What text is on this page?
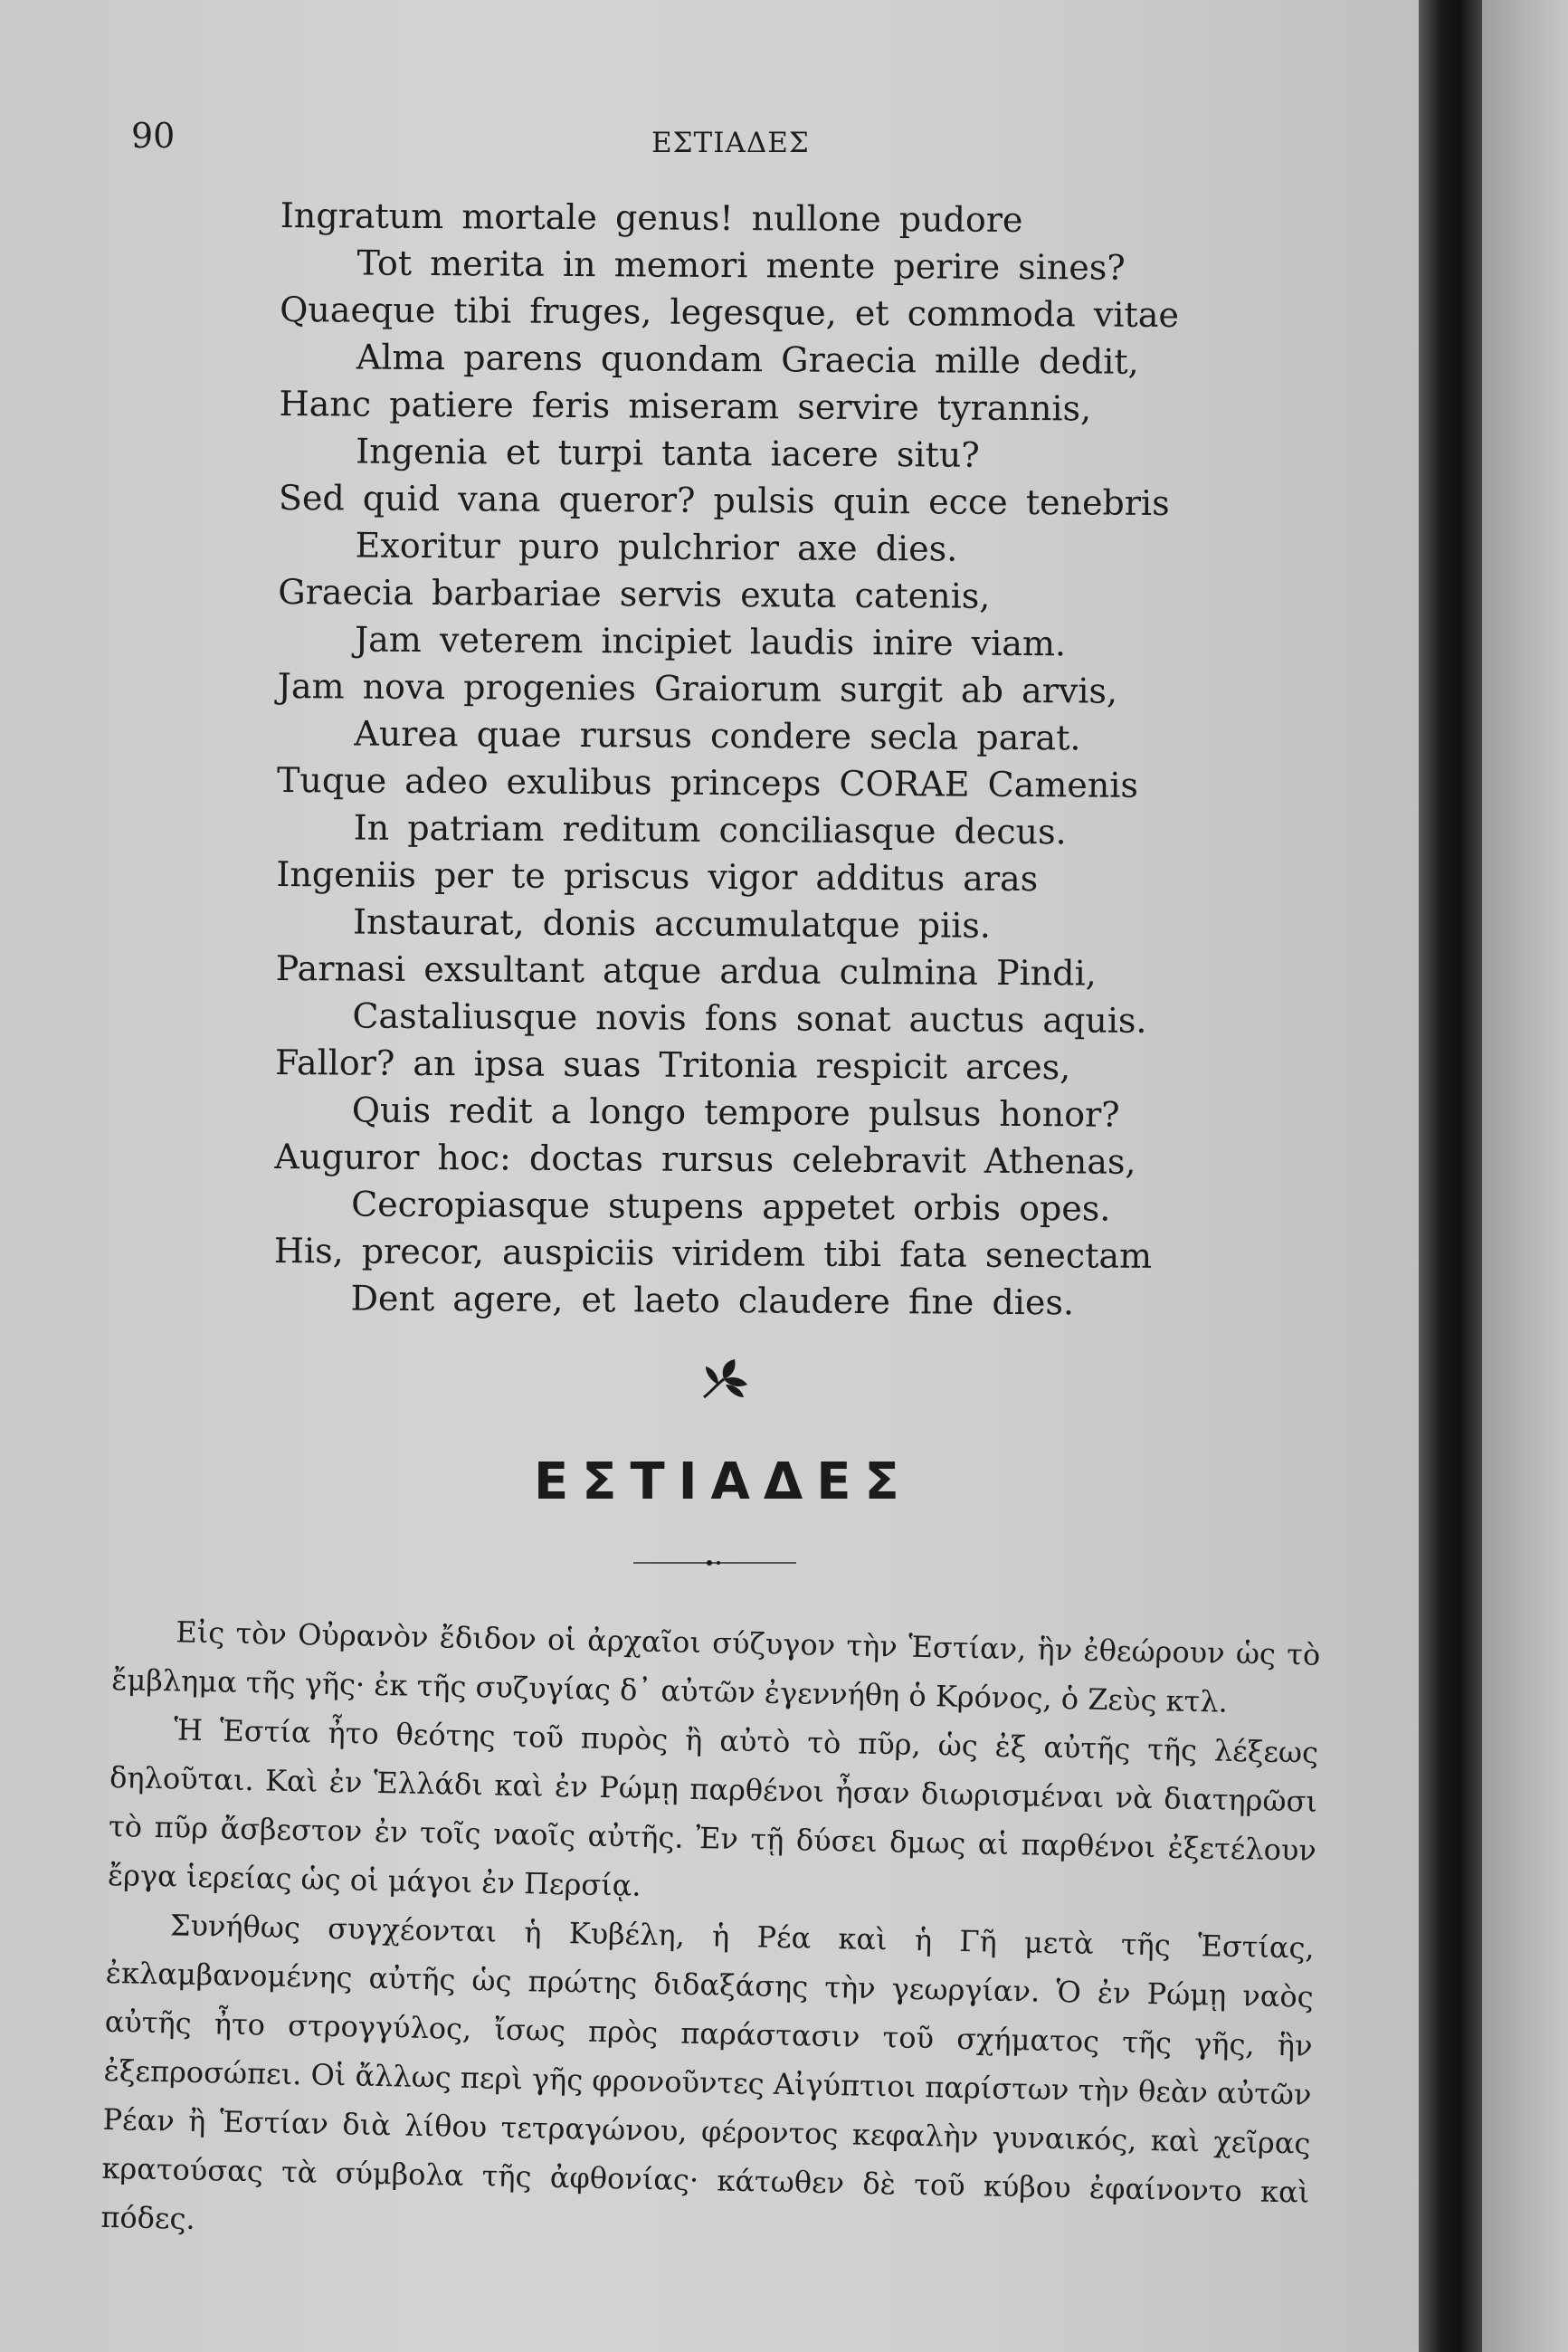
90	ΕΣΤΙΑΔΕΣ
Ingratum mortale genus! nullone pudore
Tot merita in memori mente perire sines?
Quaeque tibi fruges, legesque, et commoda vitae
Alma parens quondam Graecia mille dedit,
Hanc patiere feris miseram servire tyrannis,
Ingenia et turpi tanta iacere situ?
Sed quid vana queror? pulsis quin ecce tenebris
Exoritur puro pulchrior axe dies.
Graecia barbariae servis exuta catenis,
Jam veterem incipiet laudis inire viam.
Jam nova progenies Graiorum surgit ab arvis,
Aurea quae rursus condere secla parat.
Tuque adeo exulibus princeps CORAE Camenis
In patriam reditum conciliasque decus.
Ingeniis per te priscus vigor additus aras
Instaurat, donis accumulatque piis.
Parnasi exsultant atque ardua culmina Pindi,
Castaliusque novis fons sonat auctus aquis.
Fallor? an ipsa suas Tritonia respicit arces,
Quis redit a longo tempore pulsus honor?
Auguror hoc: doctas rursus celebravit Athenas,
Cecropiasque stupens appetet orbis opes.
His, precor, auspiciis viridem tibi fata senectam
Dent agere, et laeto claudere fine dies.
ΕΣΤΙΑΔΕΣ

Εἰς τὸν Οὐρανὸν ἔδιδον οἱ ἀρχαῖοι σύζυγον τὴν Ἑστίαν, ἣν ἐθεώρουν ὡς τὸ ἔμβλημα τῆς γῆς· ἐκ τῆς συζυγίας δ᾽ αὐτῶν ἐγεννήθη ὁ Κρόνος, ὁ Ζεὺς κτλ.

Ἡ Ἑστία ἦτο θεότης τοῦ πυρὸς ἢ αὐτὸ τὸ πῦρ, ὡς ἐξ αὐτῆς τῆς λέξεως δηλοῦται. Καὶ ἐν Ἑλλάδι καὶ ἐν Ρώμῃ παρθένοι ἦσαν διωρισμέναι νὰ διατηρῶσι τὸ πῦρ ἄσβεστον ἐν τοῖς ναοῖς αὐτῆς. Ἐν τῇ δύσει δμως αἱ παρθένοι ἐξετέλουν ἔργα ἱερείας ὡς οἱ μάγοι ἐν Περσίᾳ.

Συνήθως συγχέονται ἡ Κυβέλη, ἡ Ρέα καὶ ἡ Γῆ μετὰ τῆς Ἑστίας, ἐκλαμβανομένης αὐτῆς ὡς πρώτης διδαξάσης τὴν γεωργίαν. Ὁ ἐν Ρώμῃ ναὸς αὐτῆς ἦτο στρογγύλος, ἴσως πρὸς παράστασιν τοῦ σχήματος τῆς γῆς, ἣν ἐξεπροσώπει. Οἱ ἄλλως περὶ γῆς φρονοῦντες Αἰγύπτιοι παρίστων τὴν θεὰν αὐτῶν Ρέαν ἢ Ἑστίαν διὰ λίθου τετραγώνου, φέροντος κεφαλὴν γυναικός, καὶ χεῖρας κρατούσας τὰ σύμβολα τῆς ἀφθονίας· κάτωθεν δὲ τοῦ κύβου ἐφαίνοντο καὶ πόδες.
